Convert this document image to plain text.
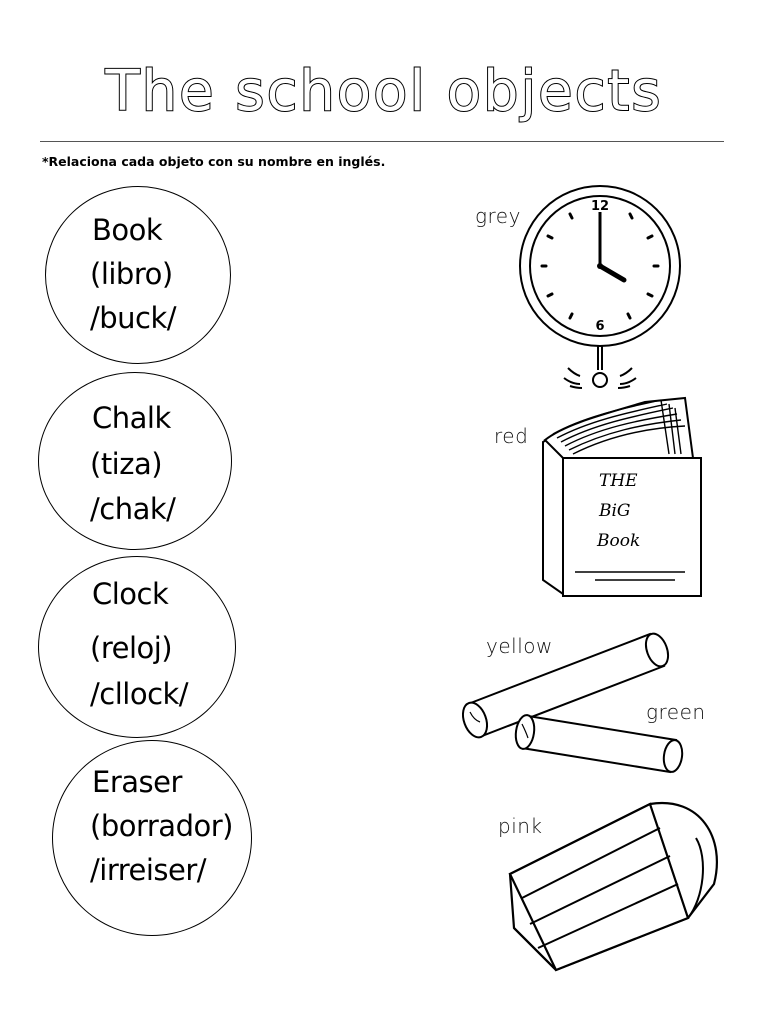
The school objects
*Relaciona cada objeto con su nombre en inglés.
Book
(libro)
/buck/
Chalk
(tiza)
/chak/
Clock
(reloj)
/cllock/
Eraser
(borrador)
/irreiser/
grey	12
6
red
THE
BiG
Book
yellow
green
pink
